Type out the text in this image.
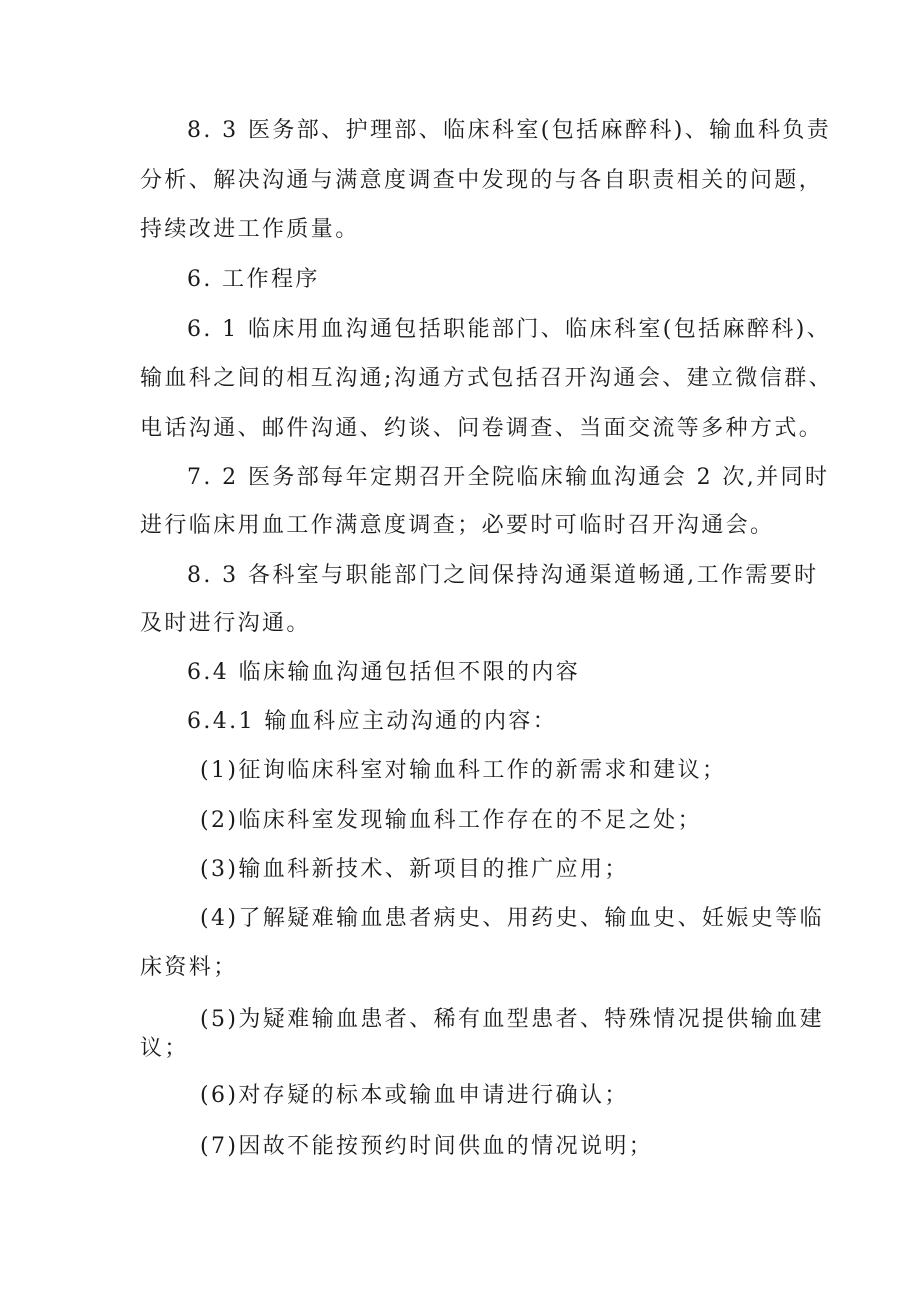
8. 3 医务部、护理部、临床科室(包括麻醉科)、输血科负责
分析、解决沟通与满意度调查中发现的与各自职责相关的问题，
持续改进工作质量。
6. 工作程序
6. 1 临床用血沟通包括职能部门、临床科室(包括麻醉科)、
输血科之间的相互沟通;沟通方式包括召开沟通会、建立微信群、
电话沟通、邮件沟通、约谈、问卷调查、当面交流等多种方式。
7. 2 医务部每年定期召开全院临床输血沟通会 2 次,并同时
进行临床用血工作满意度调查；必要时可临时召开沟通会。
8. 3 各科室与职能部门之间保持沟通渠道畅通,工作需要时
及时进行沟通。
6.4 临床输血沟通包括但不限的内容
6.4.1 输血科应主动沟通的内容：
(1)征询临床科室对输血科工作的新需求和建议；
(2)临床科室发现输血科工作存在的不足之处；
(3)输血科新技术、新项目的推广应用；
(4)了解疑难输血患者病史、用药史、输血史、妊娠史等临
床资料；
(5)为疑难输血患者、稀有血型患者、特殊情况提供输血建
议；
(6)对存疑的标本或输血申请进行确认；
(7)因故不能按预约时间供血的情况说明；
